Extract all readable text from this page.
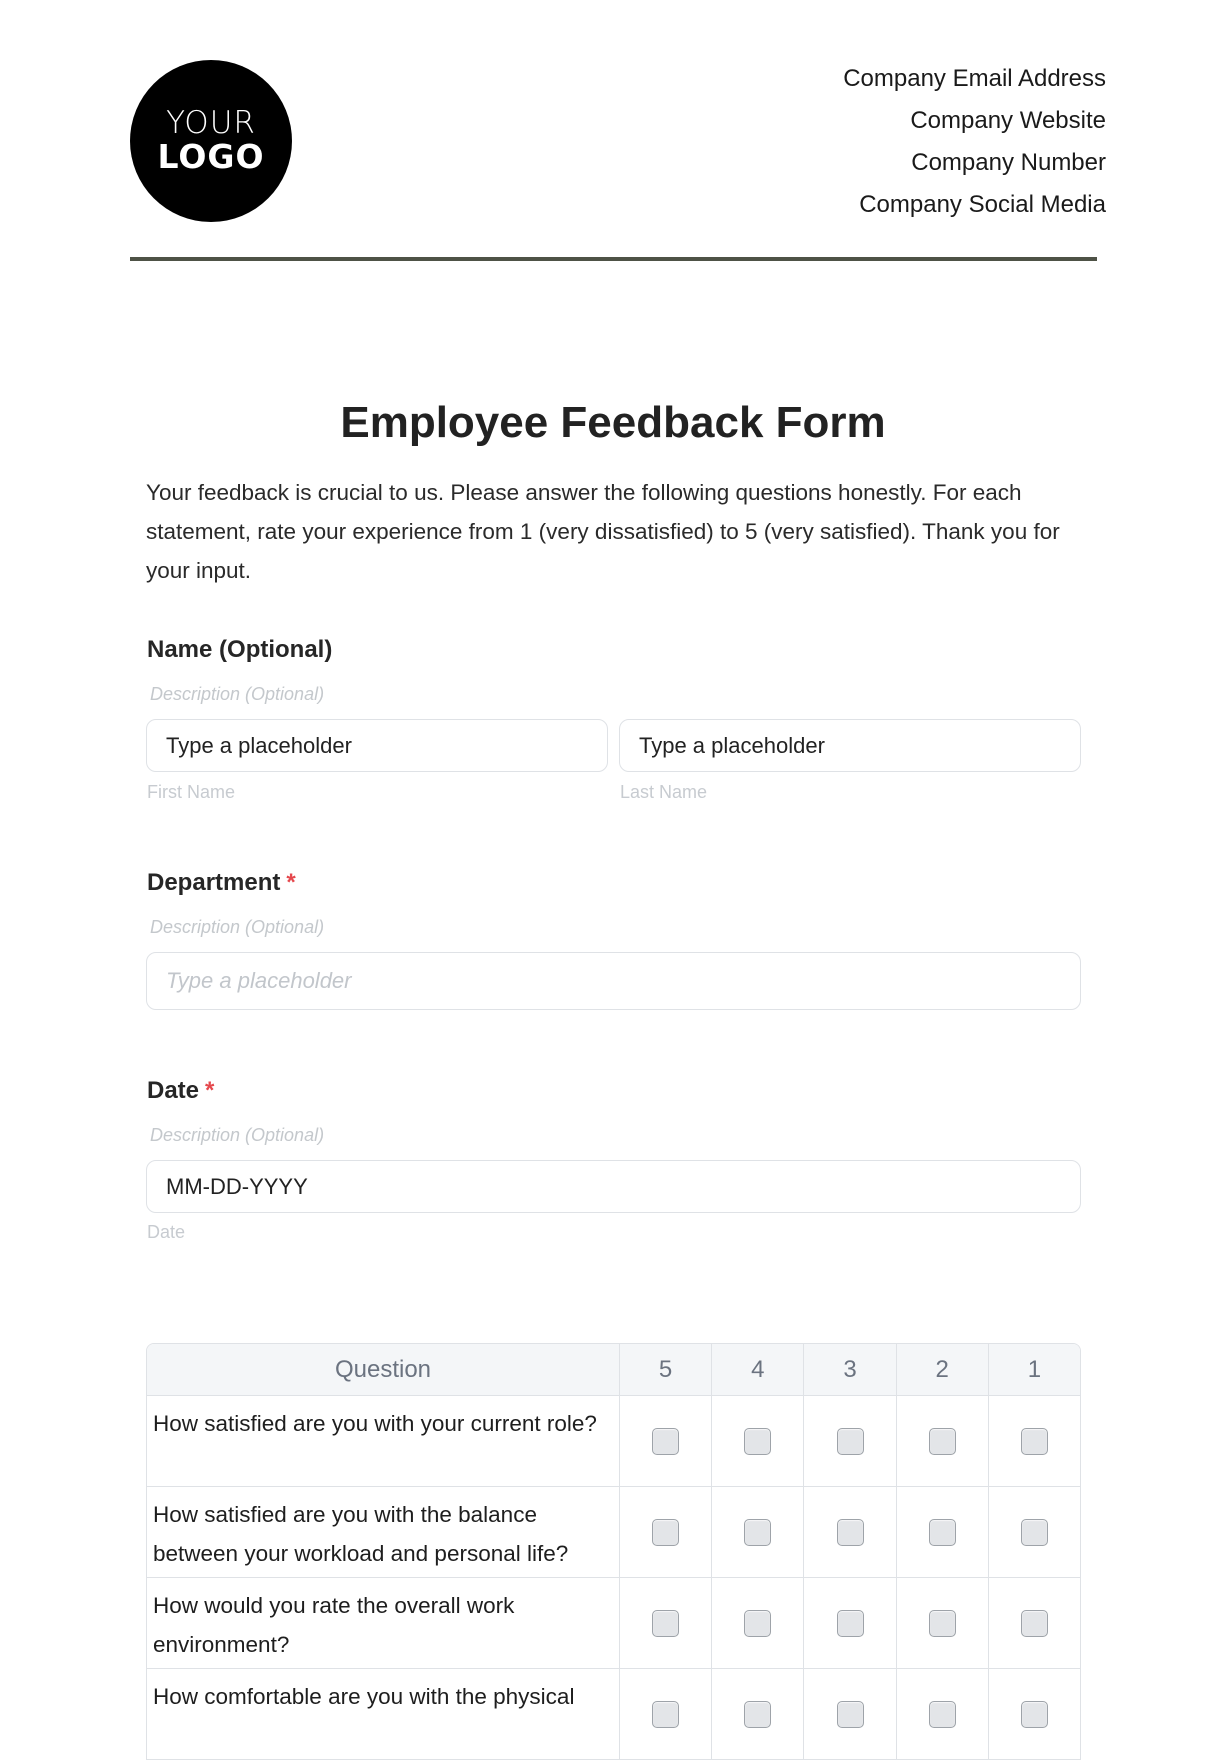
YOUR
LOGO
Company Email Address
Company Website
Company Number
Company Social Media
Employee Feedback Form

Your feedback is crucial to us. Please answer the following questions honestly. For each statement, rate your experience from 1 (very dissatisfied) to 5 (very satisfied). Thank you for your input.

Name (Optional)
Description (Optional)
Type a placeholder
First Name
Type a placeholder
Last Name
Department *
Description (Optional)
Type a placeholder
Date *
Description (Optional)
MM-DD-YYYY
Date
Question	5	4	3	2	1
How satisfied are you with your current role?
How satisfied are you with the balance between your workload and personal life?
How would you rate the overall work environment?
How comfortable are you with the physical
